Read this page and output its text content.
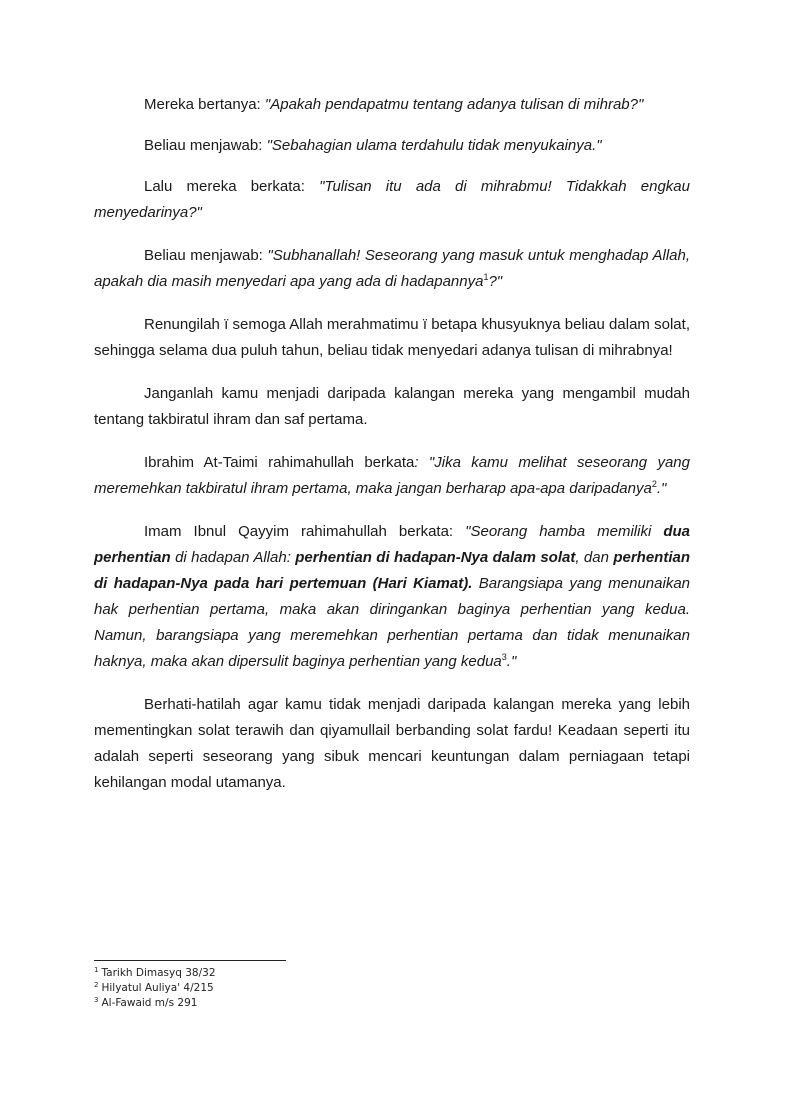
Mereka bertanya: "Apakah pendapatmu tentang adanya tulisan di mihrab?"

Beliau menjawab: "Sebahagian ulama terdahulu tidak menyukainya."

Lalu mereka berkata: "Tulisan itu ada di mihrabmu! Tidakkah engkau menyedarinya?"

Beliau menjawab: "Subhanallah! Seseorang yang masuk untuk menghadap Allah, apakah dia masih menyedari apa yang ada di hadapannya$^1$?"

Renungilah ï semoga Allah merahmatimu ï betapa khusyuknya beliau dalam solat, sehingga selama dua puluh tahun, beliau tidak menyedari adanya tulisan di mihrabnya!

Janganlah kamu menjadi daripada kalangan mereka yang mengambil mudah tentang takbiratul ihram dan saf pertama.

Ibrahim At-Taimi rahimahullah berkata: "Jika kamu melihat seseorang yang meremehkan takbiratul ihram pertama, maka jangan berharap apa-apa daripadanya$^2$."

Imam Ibnul Qayyim rahimahullah berkata: "Seorang hamba memiliki dua perhentian di hadapan Allah: perhentian di hadapan-Nya dalam solat, dan perhentian di hadapan-Nya pada hari pertemuan (Hari Kiamat). Barangsiapa yang menunaikan hak perhentian pertama, maka akan diringankan baginya perhentian yang kedua. Namun, barangsiapa yang meremehkan perhentian pertama dan tidak menunaikan haknya, maka akan dipersulit baginya perhentian yang kedua$^3$."

Berhati-hatilah agar kamu tidak menjadi daripada kalangan mereka yang lebih mementingkan solat terawih dan qiyamullail berbanding solat fardu! Keadaan seperti itu adalah seperti seseorang yang sibuk mencari keuntungan dalam perniagaan tetapi kehilangan modal utamanya.

$^1$ Tarikh Dimasyq 38/32
$^2$ Hilyatul Auliya' 4/215
$^3$ Al-Fawaid m/s 291
